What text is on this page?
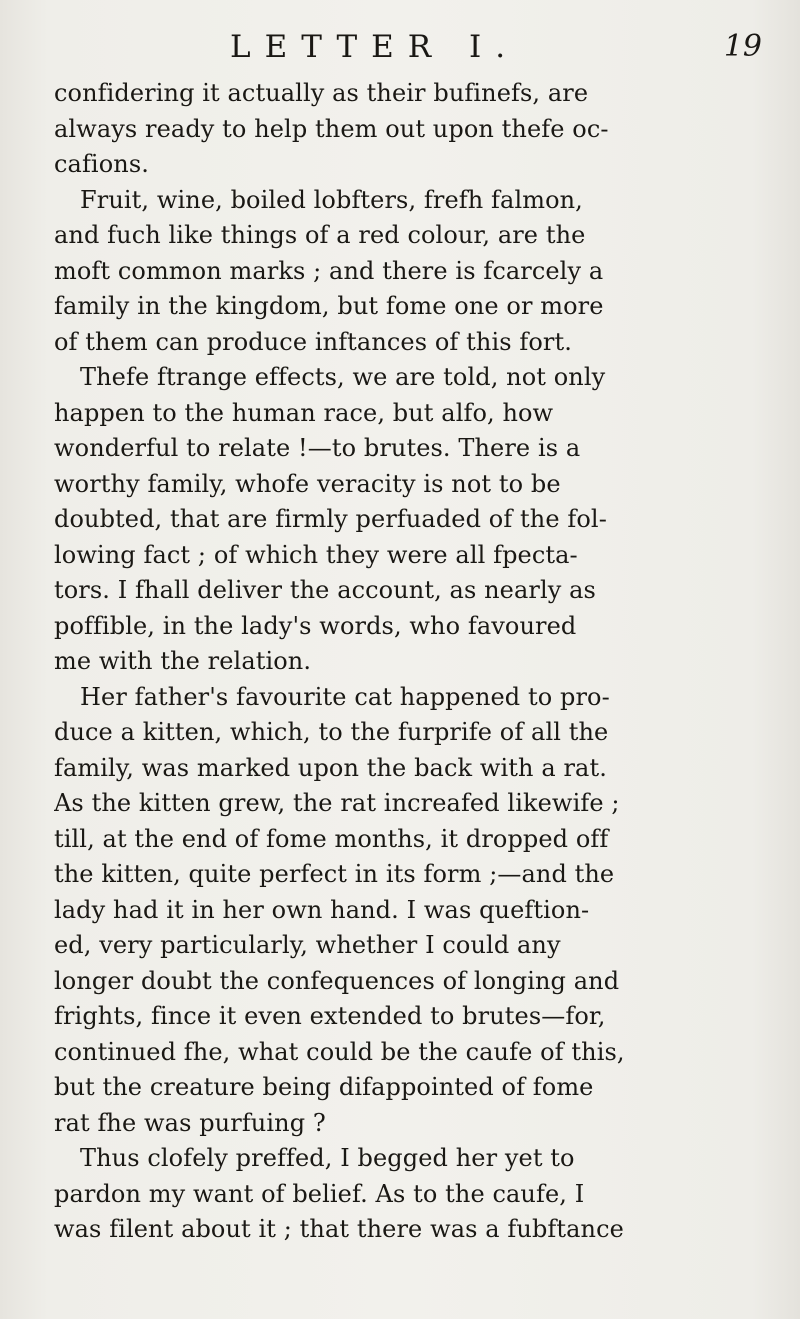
LETTER I.	19
confidering it actually as their bufinefs, are
always ready to help them out upon thefe oc-
cafions.
Fruit, wine, boiled lobfters, frefh falmon,
and fuch like things of a red colour, are the
moft common marks ; and there is fcarcely a
family in the kingdom, but fome one or more
of them can produce inftances of this fort.
Thefe ftrange effects, we are told, not only
happen to the human race, but alfo, how
wonderful to relate !—to brutes. There is a
worthy family, whofe veracity is not to be
doubted, that are firmly perfuaded of the fol-
lowing fact ; of which they were all fpecta-
tors. I fhall deliver the account, as nearly as
poffible, in the lady's words, who favoured
me with the relation.
Her father's favourite cat happened to pro-
duce a kitten, which, to the furprife of all the
family, was marked upon the back with a rat.
As the kitten grew, the rat increafed likewife ;
till, at the end of fome months, it dropped off
the kitten, quite perfect in its form ;—and the
lady had it in her own hand. I was queftion-
ed, very particularly, whether I could any
longer doubt the confequences of longing and
frights, fince it even extended to brutes—for,
continued fhe, what could be the caufe of this,
but the creature being difappointed of fome
rat fhe was purfuing ?
Thus clofely preffed, I begged her yet to
pardon my want of belief. As to the caufe, I
was filent about it ; that there was a fubftance
